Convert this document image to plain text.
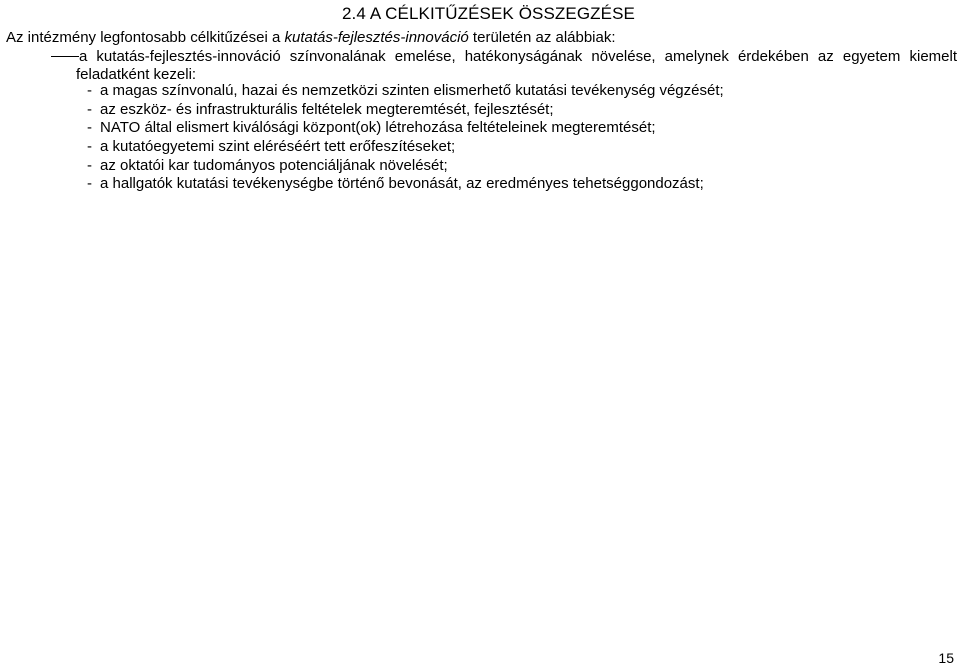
2.4 A CÉLKITŰZÉSEK ÖSSZEGZÉSE
Az intézmény legfontosabb célkitűzései a kutatás-fejlesztés-innováció területén az alábbiak:
a kutatás-fejlesztés-innováció színvonalának emelése, hatékonyságának növelése, amelynek érdekében az egyetem kiemelt
feladatként kezeli:
- a magas színvonalú, hazai és nemzetközi szinten elismerhető kutatási tevékenység végzését;
- az eszköz- és infrastrukturális feltételek megteremtését, fejlesztését;
- NATO által elismert kiválósági központ(ok) létrehozása feltételeinek megteremtését;
- a kutatóegyetemi szint eléréséért tett erőfeszítéseket;
- az oktatói kar tudományos potenciáljának növelését;
- a hallgatók kutatási tevékenységbe történő bevonását, az eredményes tehetséggondozást;
15
